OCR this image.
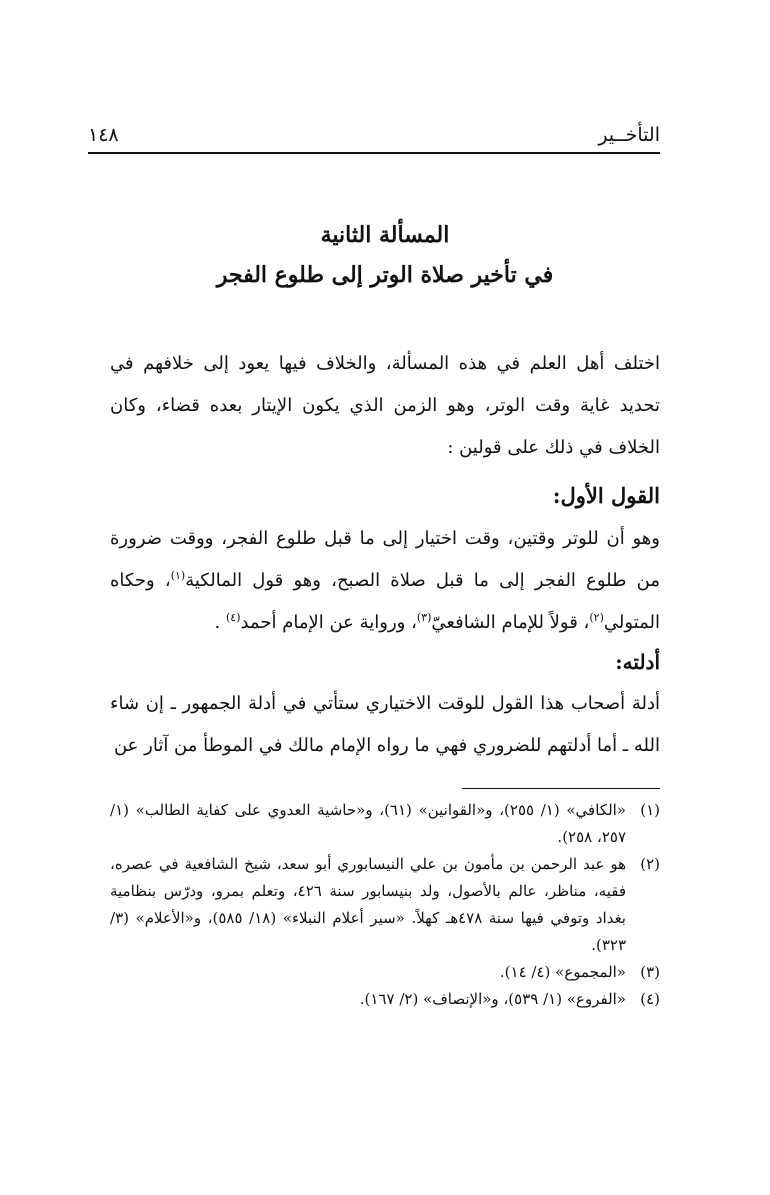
١٤٨	التأخــير
المسألة الثانية
في تأخير صلاة الوتر إلى طلوع الفجر
اختلف أهل العلم في هذه المسألة، والخلاف فيها يعود إلى خلافهم في تحديد غاية وقت الوتر، وهو الزمن الذي يكون الإيتار بعده قضاء، وكان الخلاف في ذلك على قولين :
القول الأول:
وهو أن للوتر وقتين، وقت اختيار إلى ما قبل طلوع الفجر، ووقت ضرورة من طلوع الفجر إلى ما قبل صلاة الصبح، وهو قول المالكية$^{(١)}$، وحكاه المتولي$^{(٢)}$، قولاً للإمام الشافعيّ$^{(٣)}$، ورواية عن الإمام أحمد$^{(٤)}$ .
أدلته:
أدلة أصحاب هذا القول للوقت الاختياري ستأتي في أدلة الجمهور ـ إن شاء الله ـ أما أدلتهم للضروري فهي ما رواه الإمام مالك في الموطأ من آثار عن
(١)
«الكافي» (١/ ٢٥٥)، و«القوانين» (٦١)، و«حاشية العدوي على كفاية الطالب» (١/ ٢٥٧، ٢٥٨).
(٢)
هو عبد الرحمن بن مأمون بن علي النيسابوري أبو سعد، شيخ الشافعية في عصره، فقيه، مناظر، عالم بالأصول، ولد بنيسابور سنة ٤٢٦، وتعلم بمرو، ودرّس بنظامية بغداد وتوفي فيها سنة ٤٧٨هـ كهلاً. «سير أعلام النبلاء» (١٨/ ٥٨٥)، و«الأعلام» (٣/ ٣٢٣).
(٣)
«المجموع» (٤/ ١٤).
(٤)
«الفروع» (١/ ٥٣٩)، و«الإنصاف» (٢/ ١٦٧).
